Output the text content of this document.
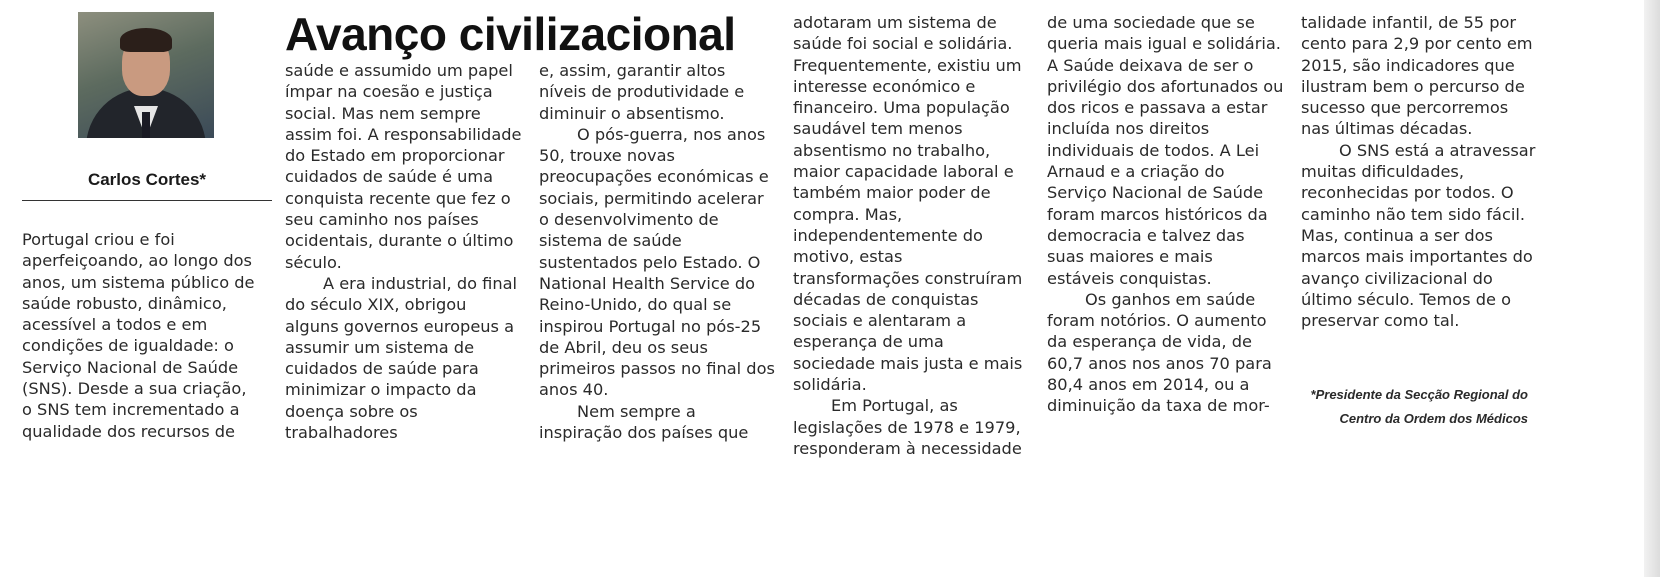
Carlos Cortes*
Avanço civilizacional

Portugal criou e foi aperfeiçoando, ao longo dos anos, um sistema público de saúde robusto, dinâmico, acessível a todos e em condições de igualdade: o Serviço Nacional de Saúde (SNS). Desde a sua criação, o SNS tem incrementado a qualidade dos recursos de

saúde e assumido um papel ímpar na coesão e justiça social. Mas nem sempre assim foi. A responsabilidade do Estado em proporcionar cuidados de saúde é uma conquista recente que fez o seu caminho nos países ocidentais, durante o último século.

A era industrial, do final do século XIX, obrigou alguns governos europeus a assumir um sistema de cuidados de saúde para minimizar o impacto da doença sobre os trabalhadores

e, assim, garantir altos níveis de produtividade e diminuir o absentismo.

O pós-guerra, nos anos 50, trouxe novas preocupações económicas e sociais, permitindo acelerar o desenvolvimento de sistema de saúde sustentados pelo Estado. O National Health Service do Reino-Unido, do qual se inspirou Portugal no pós-25 de Abril, deu os seus primeiros passos no final dos anos 40.

Nem sempre a inspiração dos países que

adotaram um sistema de saúde foi social e solidária. Frequentemente, existiu um interesse económico e financeiro. Uma população saudável tem menos absentismo no trabalho, maior capacidade laboral e também maior poder de compra. Mas, independentemente do motivo, estas transformações construíram décadas de conquistas sociais e alentaram a esperança de uma sociedade mais justa e mais solidária.

Em Portugal, as legislações de 1978 e 1979, responderam à necessidade

de uma sociedade que se queria mais igual e solidária. A Saúde deixava de ser o privilégio dos afortunados ou dos ricos e passava a estar incluída nos direitos individuais de todos. A Lei Arnaud e a criação do Serviço Nacional de Saúde foram marcos históricos da democracia e talvez das suas maiores e mais estáveis conquistas.

Os ganhos em saúde foram notórios. O aumento da esperança de vida, de 60,7 anos nos anos 70 para 80,4 anos em 2014, ou a diminuição da taxa de mor-

talidade infantil, de 55 por cento para 2,9 por cento em 2015, são indicadores que ilustram bem o percurso de sucesso que percorremos nas últimas décadas.

O SNS está a atravessar muitas dificuldades, reconhecidas por todos. O caminho não tem sido fácil. Mas, continua a ser dos marcos mais importantes do avanço civilizacional do último século. Temos de o preservar como tal.

*Presidente da Secção Regional do Centro da Ordem dos Médicos
